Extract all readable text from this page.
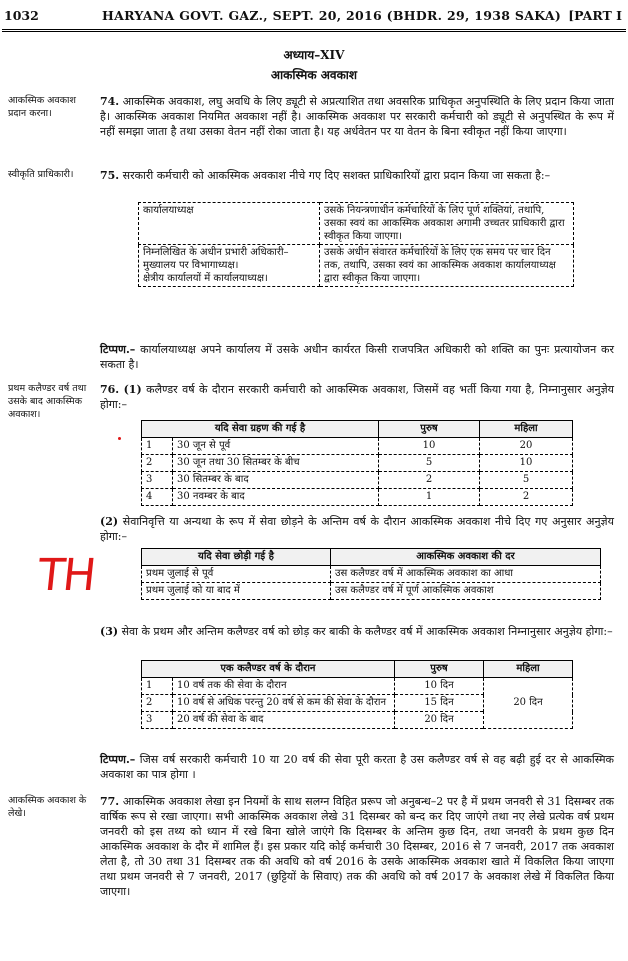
1032	HARYANA GOVT. GAZ., SEPT. 20, 2016 (BHDR. 29, 1938 SAKA) [PART I
अध्याय–XIV
आकस्मिक अवकाश
आकस्मिक अवकाश प्रदान करना।
74. आकस्मिक अवकाश, लघु अवधि के लिए ड्यूटी से अप्रत्याशित तथा अवसरिक प्राधिकृत अनुपस्थिति के लिए प्रदान किया जाता है। आकस्मिक अवकाश नियमित अवकाश नहीं है। आकस्मिक अवकाश पर सरकारी कर्मचारी को ड्यूटी से अनुपस्थित के रूप में नहीं समझा जाता है तथा उसका वेतन नहीं रोका जाता है। यह अर्धवेतन पर या वेतन के बिना स्वीकृत नहीं किया जाएगा।
स्वीकृति प्राधिकारी।	75. सरकारी कर्मचारी को आकस्मिक अवकाश नीचे गए दिए सशक्त प्राधिकारियों द्वारा प्रदान किया जा सकता है:–
कार्यालयाध्यक्ष	उसके नियन्त्रणाधीन कर्मचारियों के लिए पूर्ण शक्तियां, तथापि, उसका स्वयं का आकस्मिक अवकाश अगामी उच्चतर प्राधिकारी द्वारा स्वीकृत किया जाएगा।

निम्नलिखित के अधीन प्रभारी अधिकारी–
मुख्यालय पर विभागाध्यक्ष।
क्षेत्रीय कार्यालयों में कार्यालयाध्यक्ष।	उसके अधीन संवारत कर्मचारियों के लिए एक समय पर चार दिन तक, तथापि, उसका स्वयं का आकस्मिक अवकाश कार्यालयाध्यक्ष द्वारा स्वीकृत किया जाएगा।
टिप्पण.– कार्यालयाध्यक्ष अपने कार्यालय में उसके अधीन कार्यरत किसी राजपत्रित अधिकारी को शक्ति का पुनः प्रत्यायोजन कर सकता है।
प्रथम कलैण्डर वर्ष तथा उसके बाद आकस्मिक अवकाश।
76. (1) कलैण्डर वर्ष के दौरान सरकारी कर्मचारी को आकस्मिक अवकाश, जिसमें वह भर्ती किया गया है, निम्नानुसार अनुज्ञेय होगा:–
यदि सेवा ग्रहण की गई है		पुरुष	महिला
1	30 जून से पूर्व	10	20
2	30 जून तथा 30 सितम्बर के बीच	5	10
3	30 सितम्बर के बाद	2	5
4	30 नवम्बर के बाद	1	2
(2) सेवानिवृत्ति या अन्यथा के रूप में सेवा छोड़ने के अन्तिम वर्ष के दौरान आकस्मिक अवकाश नीचे दिए गए अनुसार अनुज्ञेय होगा:–
यदि सेवा छोड़ी गई है	आकस्मिक अवकाश की दर
प्रथम जुलाई से पूर्व	उस कलैण्डर वर्ष में आकस्मिक अवकाश का आधा
प्रथम जुलाई को या बाद में	उस कलैण्डर वर्ष में पूर्ण आकस्मिक अवकाश
(3) सेवा के प्रथम और अन्तिम कलैण्डर वर्ष को छोड़ कर बाकी के कलैण्डर वर्ष में आकस्मिक अवकाश निम्नानुसार अनुज्ञेय होगा:–
एक कलैण्डर वर्ष के दौरान		पुरुष	महिला
1	10 वर्ष तक की सेवा के दौरान	10 दिन	20 दिन
2	10 वर्ष से अधिक परन्तु 20 वर्ष से कम की सेवा के दौरान	15 दिन	
3	20 वर्ष की सेवा के बाद	20 दिन	
टिप्पण.– जिस वर्ष सरकारी कर्मचारी 10 या 20 वर्ष की सेवा पूरी करता है उस कलैण्डर वर्ष से वह बढ़ी हुई दर से आकस्मिक अवकाश का पात्र होगा ।
आकस्मिक अवकाश के लेखे।
77. आकस्मिक अवकाश लेखा इन नियमों के साथ सलग्न विहित प्ररूप जो अनुबन्ध–2 पर है में प्रथम जनवरी से 31 दिसम्बर तक वार्षिक रूप से रखा जाएगा। सभी आकस्मिक अवकाश लेखे 31 दिसम्बर को बन्द कर दिए जाएंगे तथा नए लेखे प्रत्येक वर्ष प्रथम जनवरी को इस तथ्य को ध्यान में रखे बिना खोले जाएंगे कि दिसम्बर के अन्तिम कुछ दिन, तथा जनवरी के प्रथम कुछ दिन आकस्मिक अवकाश के दौर में शामिल हैं। इस प्रकार यदि कोई कर्मचारी 30 दिसम्बर, 2016 से 7 जनवरी, 2017 तक अवकाश लेता है, तो 30 तथा 31 दिसम्बर तक की अवधि को वर्ष 2016 के उसके आकस्मिक अवकाश खाते में विकलित किया जाएगा तथा प्रथम जनवरी से 7 जनवरी, 2017 (छुट्टियों के सिवाए) तक की अवधि को वर्ष 2017 के अवकाश लेखे में विकलित किया जाएगा।
TH
